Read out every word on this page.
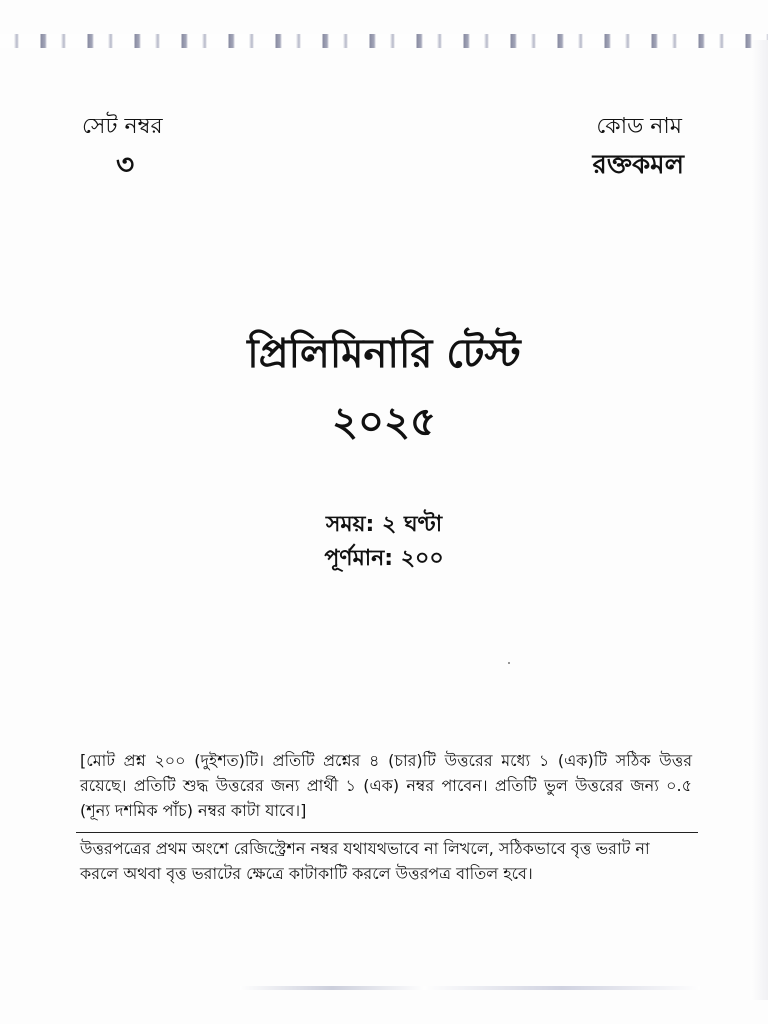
সেট নম্বর
৩
কোড নাম
রক্তকমল
প্রিলিমিনারি টেস্ট
২০২৫
সময়: ২ ঘণ্টা
পূর্ণমান: ২০০
[মোট প্রশ্ন ২০০ (দুইশত)টি। প্রতিটি প্রশ্নের ৪ (চার)টি উত্তরের মধ্যে ১ (এক)টি সঠিক উত্তর রয়েছে। প্রতিটি শুদ্ধ উত্তরের জন্য প্রার্থী ১ (এক) নম্বর পাবেন। প্রতিটি ভুল উত্তরের জন্য ০.৫ (শূন্য দশমিক পাঁচ) নম্বর কাটা যাবে।]
উত্তরপত্রের প্রথম অংশে রেজিস্ট্রেশন নম্বর যথাযথভাবে না লিখলে, সঠিকভাবে বৃত্ত ভরাট না করলে অথবা বৃত্ত ভরাটের ক্ষেত্রে কাটাকাটি করলে উত্তরপত্র বাতিল হবে।
